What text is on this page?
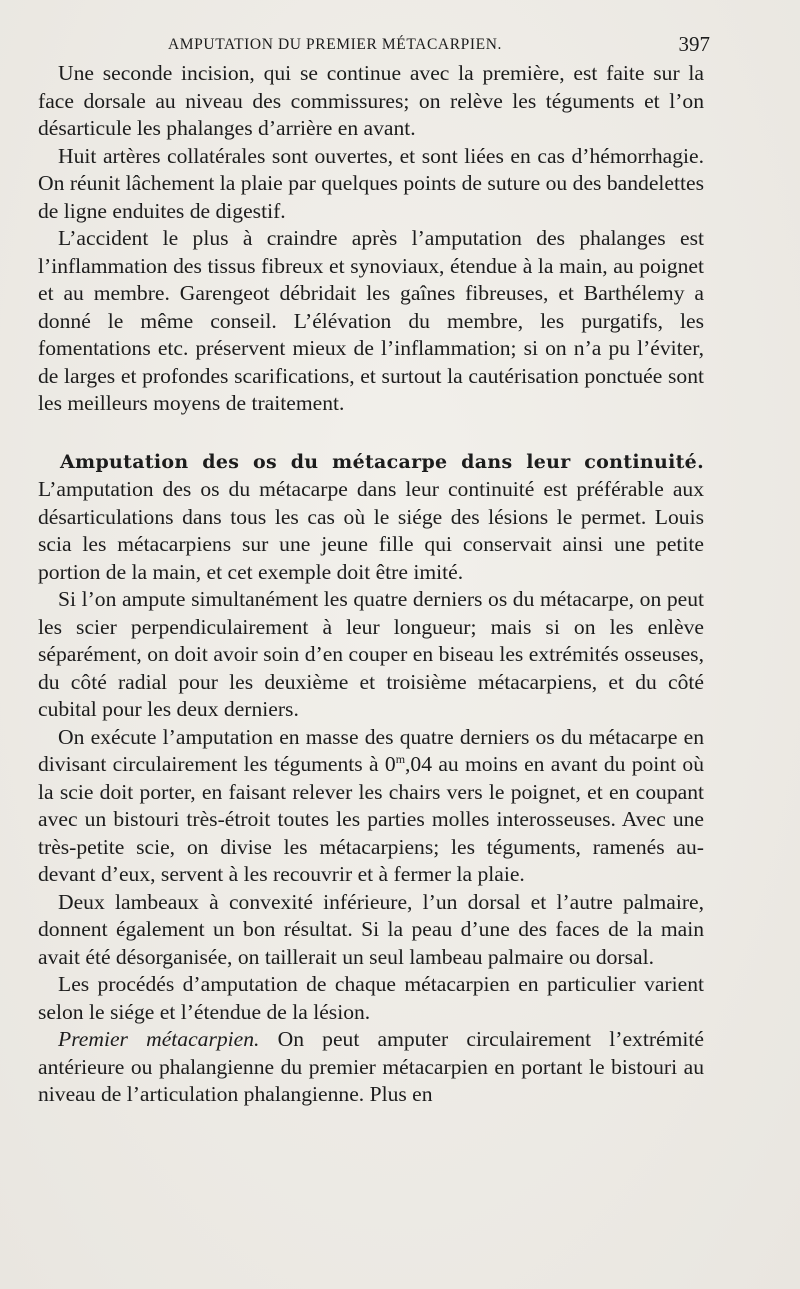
AMPUTATION DU PREMIER MÉTACARPIEN.	397

Une seconde incision, qui se continue avec la première, est faite sur la face dorsale au niveau des commissures; on relève les téguments et l’on désarticule les phalanges d’arrière en avant.

Huit artères collatérales sont ouvertes, et sont liées en cas d’hémorrhagie. On réunit lâchement la plaie par quelques points de suture ou des bandelettes de ligne enduites de digestif.

L’accident le plus à craindre après l’amputation des phalanges est l’inflammation des tissus fibreux et synoviaux, étendue à la main, au poignet et au membre. Garengeot débridait les gaînes fibreuses, et Barthélemy a donné le même conseil. L’élévation du membre, les purgatifs, les fomentations etc. préservent mieux de l’inflammation; si on n’a pu l’éviter, de larges et profondes scarifications, et surtout la cautérisation ponctuée sont les meilleurs moyens de traitement.

Amputation des os du métacarpe dans leur continuité. L’amputation des os du métacarpe dans leur continuité est préférable aux désarticulations dans tous les cas où le siége des lésions le permet. Louis scia les métacarpiens sur une jeune fille qui conservait ainsi une petite portion de la main, et cet exemple doit être imité.

Si l’on ampute simultanément les quatre derniers os du métacarpe, on peut les scier perpendiculairement à leur longueur; mais si on les enlève séparément, on doit avoir soin d’en couper en biseau les extrémités osseuses, du côté radial pour les deuxième et troisième métacarpiens, et du côté cubital pour les deux derniers.

On exécute l’amputation en masse des quatre derniers os du métacarpe en divisant circulairement les téguments à 0$^m$,04 au moins en avant du point où la scie doit porter, en faisant relever les chairs vers le poignet, et en coupant avec un bistouri très-étroit toutes les parties molles interosseuses. Avec une très-petite scie, on divise les métacarpiens; les téguments, ramenés au-devant d’eux, servent à les recouvrir et à fermer la plaie.

Deux lambeaux à convexité inférieure, l’un dorsal et l’autre palmaire, donnent également un bon résultat. Si la peau d’une des faces de la main avait été désorganisée, on taillerait un seul lambeau palmaire ou dorsal.

Les procédés d’amputation de chaque métacarpien en particulier varient selon le siége et l’étendue de la lésion.

Premier métacarpien. On peut amputer circulairement l’extrémité antérieure ou phalangienne du premier métacarpien en portant le bistouri au niveau de l’articulation phalangienne. Plus en
